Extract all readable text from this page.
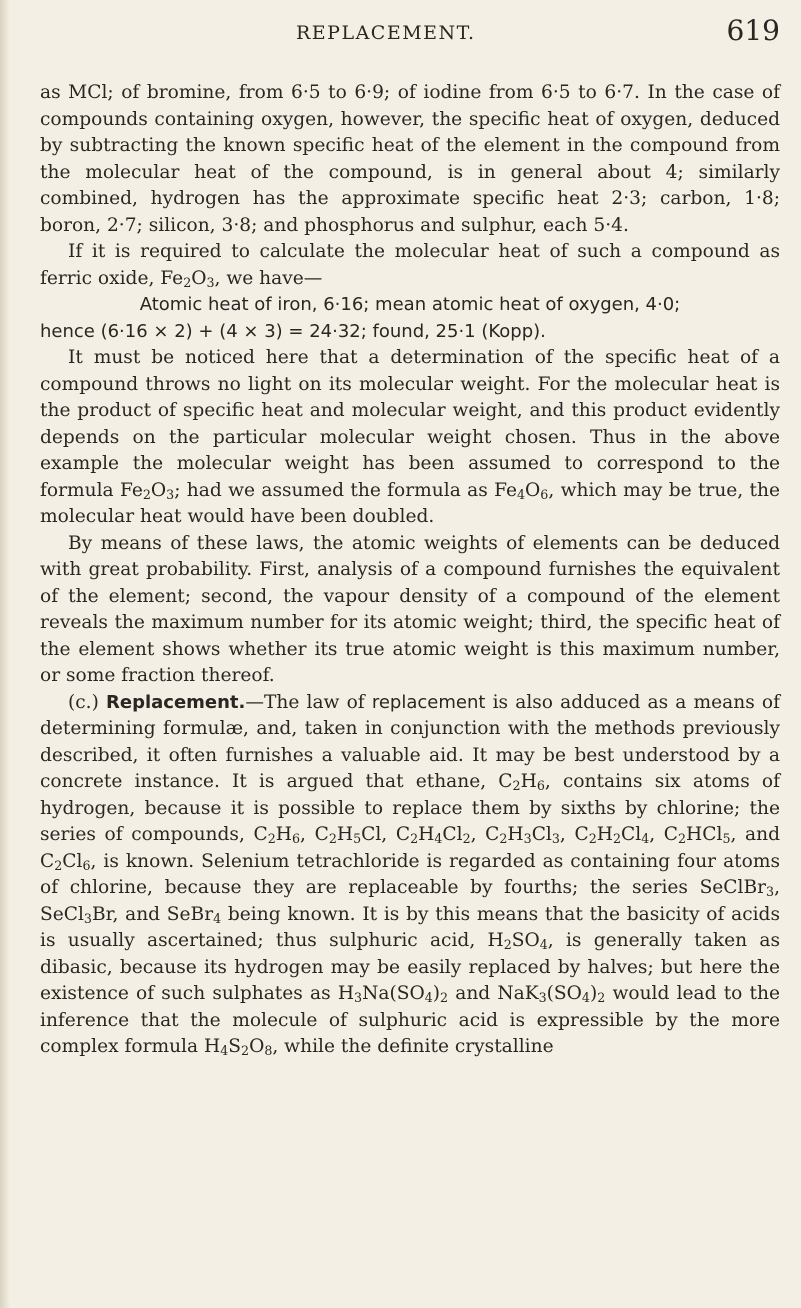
REPLACEMENT.	619

as MCl; of bromine, from 6·5 to 6·9; of iodine from 6·5 to 6·7. In the case of compounds containing oxygen, however, the specific heat of oxygen, deduced by subtracting the known specific heat of the element in the compound from the molecular heat of the compound, is in general about 4; similarly combined, hydrogen has the approximate specific heat 2·3; carbon, 1·8; boron, 2·7; silicon, 3·8; and phosphorus and sulphur, each 5·4.

If it is required to calculate the molecular heat of such a compound as ferric oxide, $Fe_2O_3$, we have—

Atomic heat of iron, 6·16; mean atomic heat of oxygen, 4·0;

hence (6·16 × 2) + (4 × 3) = 24·32; found, 25·1 (Kopp).

It must be noticed here that a determination of the specific heat of a compound throws no light on its molecular weight. For the molecular heat is the product of specific heat and molecular weight, and this product evidently depends on the particular molecular weight chosen. Thus in the above example the molecular weight has been assumed to correspond to the formula $Fe_2O_3$; had we assumed the formula as $Fe_4O_6$, which may be true, the molecular heat would have been doubled.

By means of these laws, the atomic weights of elements can be deduced with great probability. First, analysis of a compound furnishes the equivalent of the element; second, the vapour density of a compound of the element reveals the maximum number for its atomic weight; third, the specific heat of the element shows whether its true atomic weight is this maximum number, or some fraction thereof.

(c.) Replacement.—The law of replacement is also adduced as a means of determining formulæ, and, taken in conjunction with the methods previously described, it often furnishes a valuable aid. It may be best understood by a concrete instance. It is argued that ethane, $C_2H_6$, contains six atoms of hydrogen, because it is possible to replace them by sixths by chlorine; the series of compounds, $C_2H_6$, $C_2H_5Cl$, $C_2H_4Cl_2$, $C_2H_3Cl_3$, $C_2H_2Cl_4$, $C_2HCl_5$, and $C_2Cl_6$, is known. Selenium tetrachloride is regarded as containing four atoms of chlorine, because they are replaceable by fourths; the series SeClBr$_3$, SeCl$_3$Br, and SeBr$_4$ being known. It is by this means that the basicity of acids is usually ascertained; thus sulphuric acid, $H_2SO_4$, is generally taken as dibasic, because its hydrogen may be easily replaced by halves; but here the existence of such sulphates as $H_3Na(SO_4)_2$ and $NaK_3(SO_4)_2$ would lead to the inference that the molecule of sulphuric acid is expressible by the more complex formula $H_4S_2O_8$, while the definite crystalline
